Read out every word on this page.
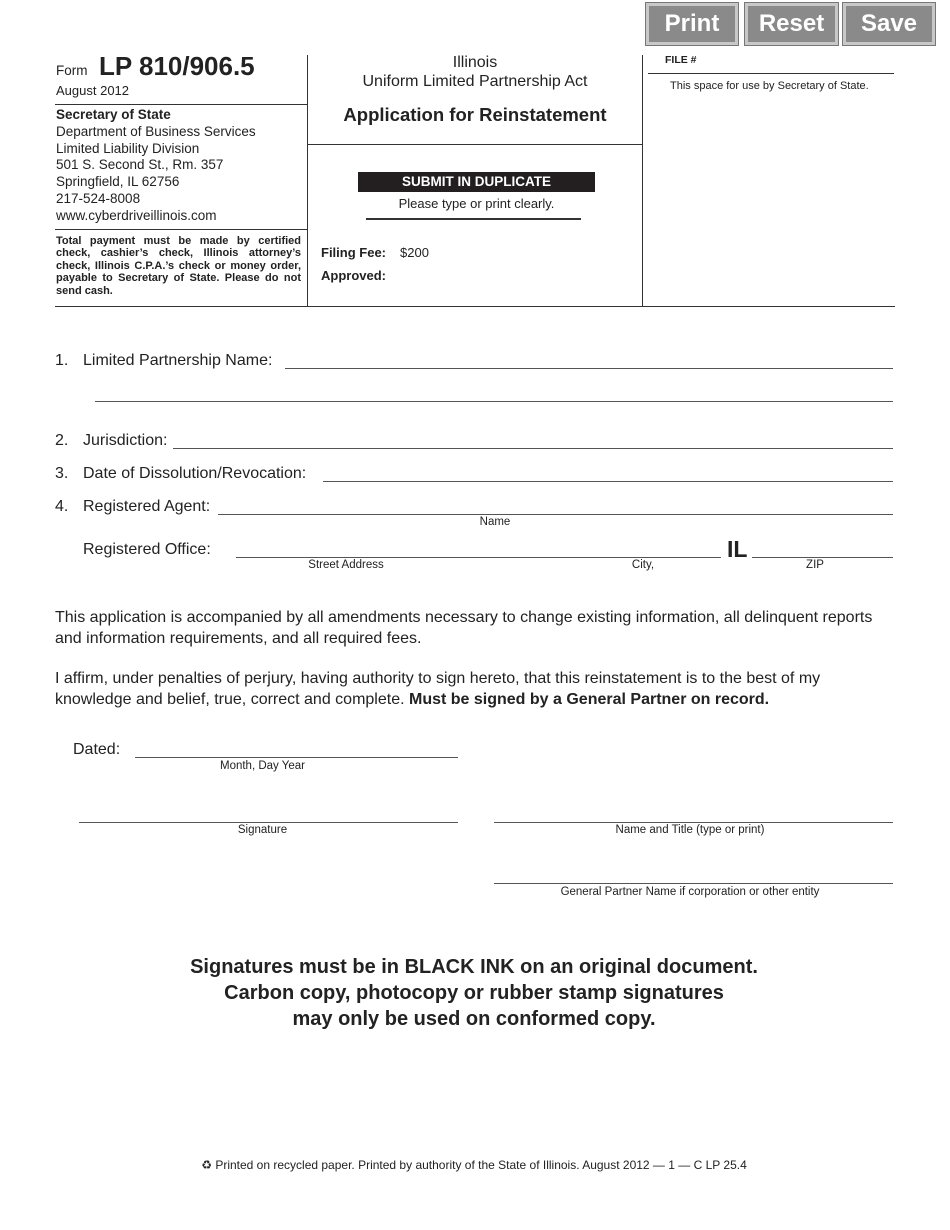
Print	Reset	Save
Form LP 810/906.5
August 2012
Secretary of State
Department of Business Services
Limited Liability Division
501 S. Second St., Rm. 357
Springfield, IL 62756
217-524-8008
www.cyberdriveillinois.com
Total payment must be made by certified check, cashier’s check, Illinois attorney’s check, Illinois C.P.A.’s check or money order, payable to Secretary of State. Please do not send cash.
Illinois
Uniform Limited Partnership Act
Application for Reinstatement
SUBMIT IN DUPLICATE
Please type or print clearly.
Filing Fee: $200
Approved:
FILE #
This space for use by Secretary of State.
1. Limited Partnership Name:
2. Jurisdiction:
3. Date of Dissolution/Revocation:
4. Registered Agent:
Name
Registered Office:	IL
Street Address	City,	ZIP
This application is accompanied by all amendments necessary to change existing information, all delinquent reports and information requirements, and all required fees.
I affirm, under penalties of perjury, having authority to sign hereto, that this reinstatement is to the best of my knowledge and belief, true, correct and complete. Must be signed by a General Partner on record.
Dated:
Month, Day Year
Signature	Name and Title (type or print)
General Partner Name if corporation or other entity
Signatures must be in BLACK INK on an original document.
Carbon copy, photocopy or rubber stamp signatures
may only be used on conformed copy.
♻ Printed on recycled paper. Printed by authority of the State of Illinois. August 2012 — 1 — C LP 25.4
